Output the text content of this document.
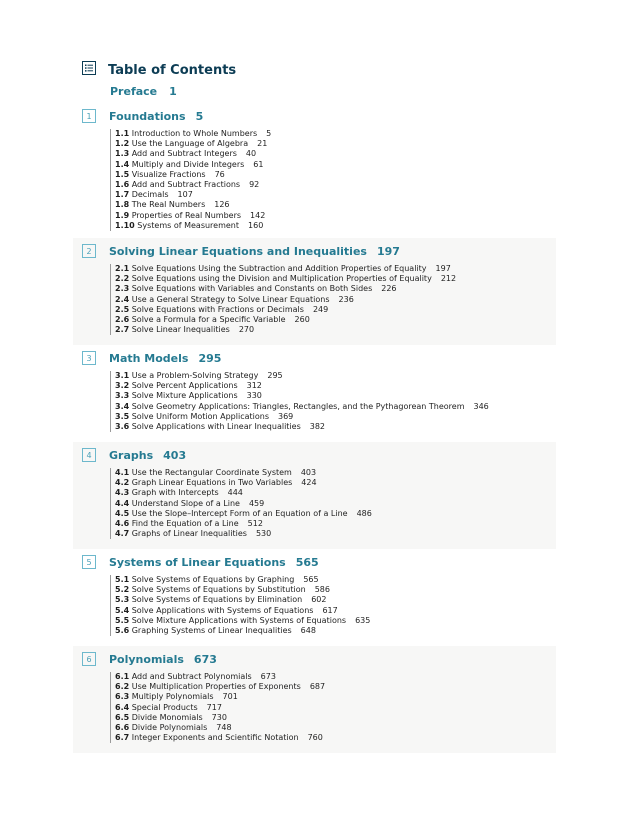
Table of Contents
Preface 1
1	Foundations 5
1.1 Introduction to Whole Numbers 5
1.2 Use the Language of Algebra 21
1.3 Add and Subtract Integers 40
1.4 Multiply and Divide Integers 61
1.5 Visualize Fractions 76
1.6 Add and Subtract Fractions 92
1.7 Decimals 107
1.8 The Real Numbers 126
1.9 Properties of Real Numbers 142
1.10 Systems of Measurement 160
2	Solving Linear Equations and Inequalities 197
2.1 Solve Equations Using the Subtraction and Addition Properties of Equality 197
2.2 Solve Equations using the Division and Multiplication Properties of Equality 212
2.3 Solve Equations with Variables and Constants on Both Sides 226
2.4 Use a General Strategy to Solve Linear Equations 236
2.5 Solve Equations with Fractions or Decimals 249
2.6 Solve a Formula for a Specific Variable 260
2.7 Solve Linear Inequalities 270
3	Math Models 295
3.1 Use a Problem-Solving Strategy 295
3.2 Solve Percent Applications 312
3.3 Solve Mixture Applications 330
3.4 Solve Geometry Applications: Triangles, Rectangles, and the Pythagorean Theorem 346
3.5 Solve Uniform Motion Applications 369
3.6 Solve Applications with Linear Inequalities 382
4	Graphs 403
4.1 Use the Rectangular Coordinate System 403
4.2 Graph Linear Equations in Two Variables 424
4.3 Graph with Intercepts 444
4.4 Understand Slope of a Line 459
4.5 Use the Slope–Intercept Form of an Equation of a Line 486
4.6 Find the Equation of a Line 512
4.7 Graphs of Linear Inequalities 530
5	Systems of Linear Equations 565
5.1 Solve Systems of Equations by Graphing 565
5.2 Solve Systems of Equations by Substitution 586
5.3 Solve Systems of Equations by Elimination 602
5.4 Solve Applications with Systems of Equations 617
5.5 Solve Mixture Applications with Systems of Equations 635
5.6 Graphing Systems of Linear Inequalities 648
6	Polynomials 673
6.1 Add and Subtract Polynomials 673
6.2 Use Multiplication Properties of Exponents 687
6.3 Multiply Polynomials 701
6.4 Special Products 717
6.5 Divide Monomials 730
6.6 Divide Polynomials 748
6.7 Integer Exponents and Scientific Notation 760
